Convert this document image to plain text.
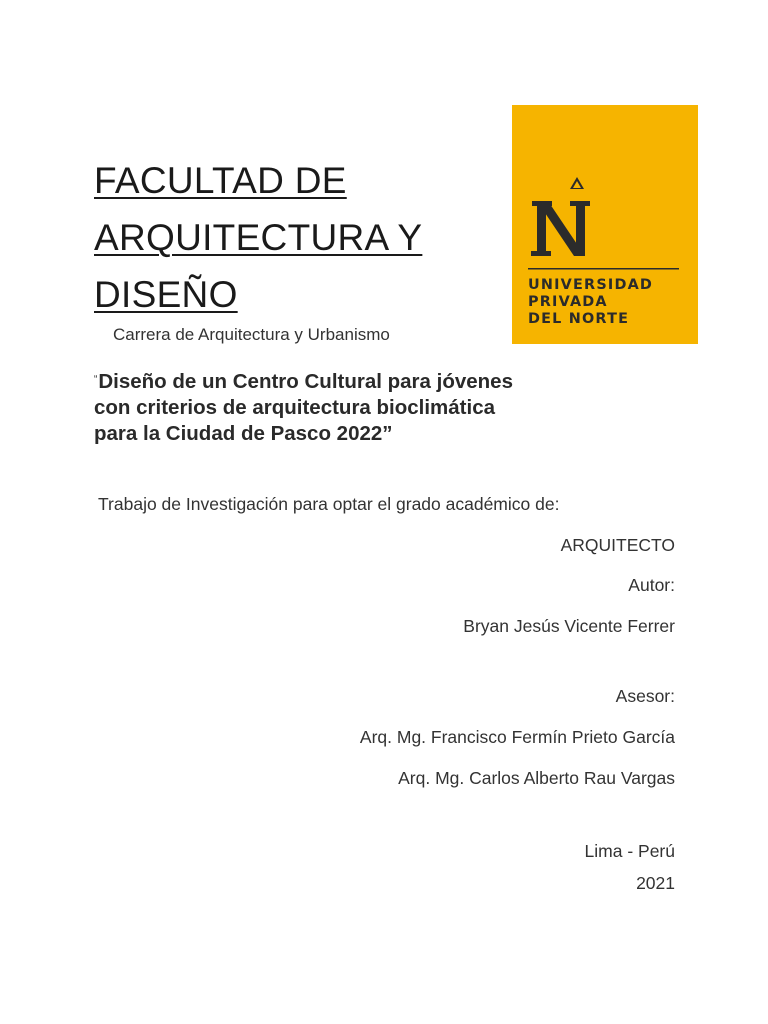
FACULTAD DE
ARQUITECTURA Y
DISEÑO
Carrera de Arquitectura y Urbanismo
“Diseño de un Centro Cultural para jóvenes
con criterios de arquitectura bioclimática
para la Ciudad de Pasco 2022”
Trabajo de Investigación para optar el grado académico de:
ARQUITECTO
Autor:
Bryan Jesús Vicente Ferrer
Asesor:
Arq. Mg. Francisco Fermín Prieto García
Arq. Mg. Carlos Alberto Rau Vargas
Lima - Perú
2021
UNIVERSIDAD
PRIVADA
DEL NORTE
